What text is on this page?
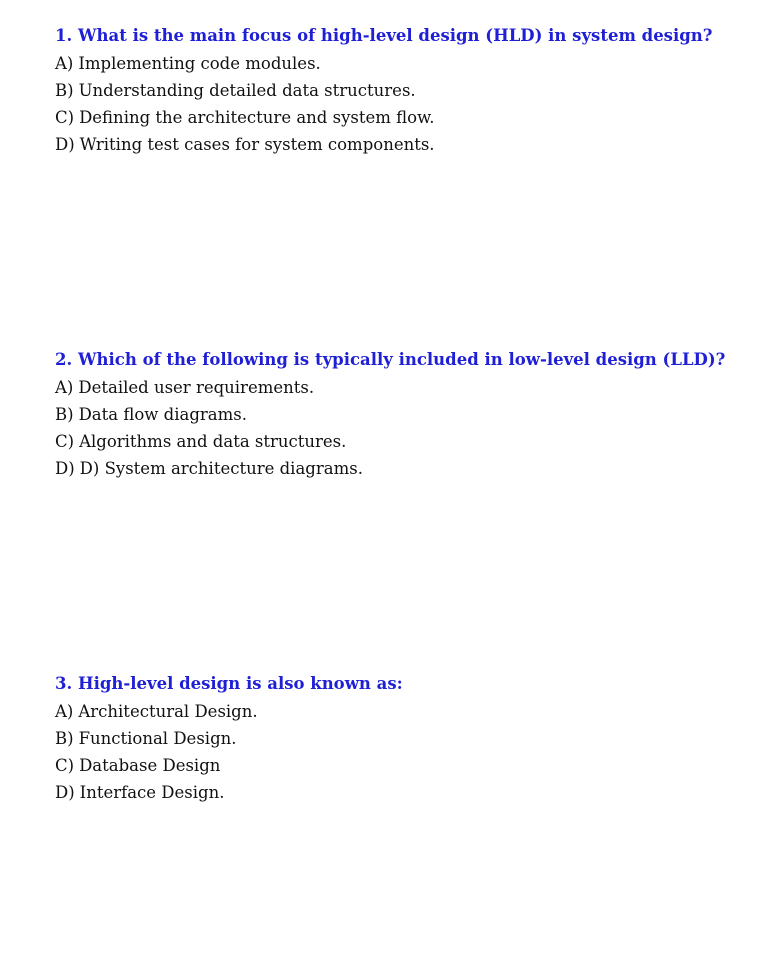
1. What is the main focus of high-level design (HLD) in system design?
A) Implementing code modules.
B) Understanding detailed data structures.
C) Defining the architecture and system flow.
D) Writing test cases for system components.
2. Which of the following is typically included in low-level design (LLD)?
A) Detailed user requirements.
B) Data flow diagrams.
C) Algorithms and data structures.
D) D) System architecture diagrams.
3. High-level design is also known as:
A) Architectural Design.
B) Functional Design.
C) Database Design
D) Interface Design.
